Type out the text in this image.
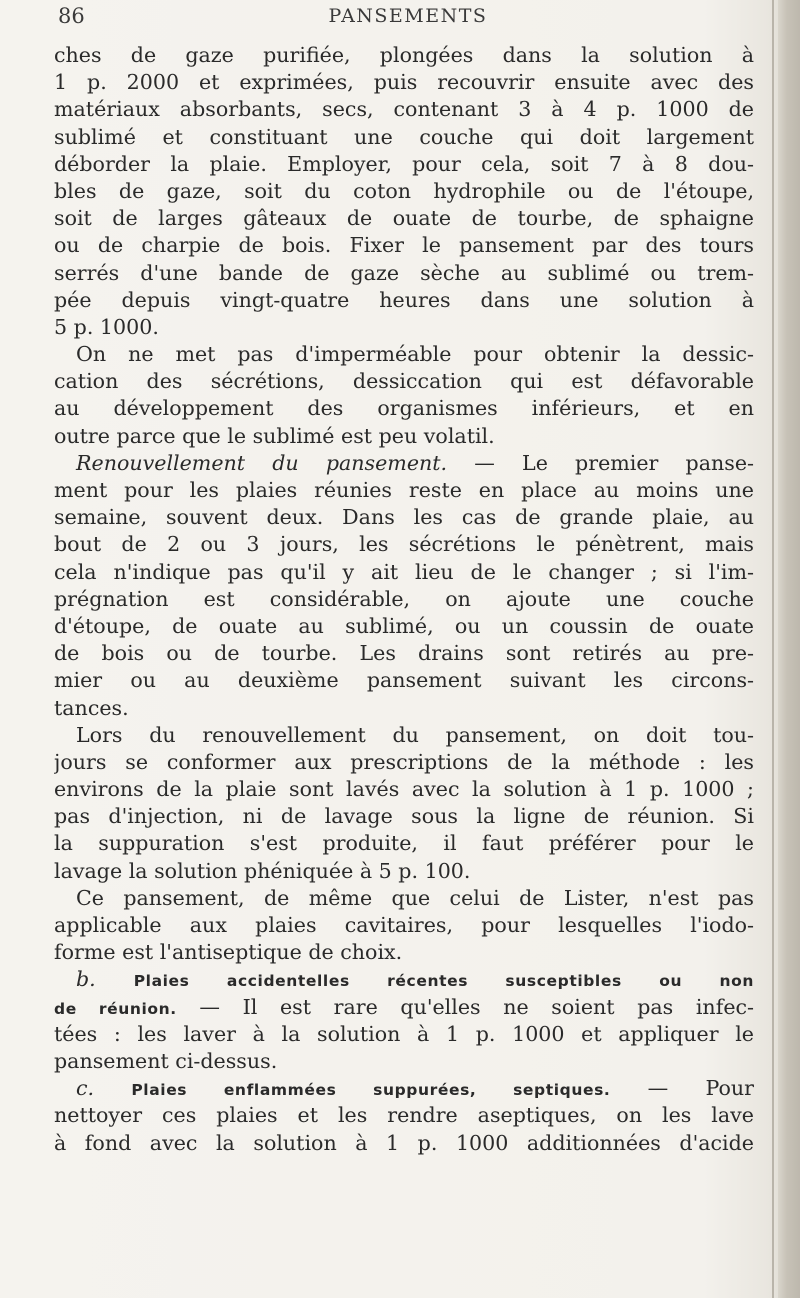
86	PANSEMENTS
ches de gaze purifiée, plongées dans la solution à
1 p. 2000 et exprimées, puis recouvrir ensuite avec des
matériaux absorbants, secs, contenant 3 à 4 p. 1000 de
sublimé et constituant une couche qui doit largement
déborder la plaie. Employer, pour cela, soit 7 à 8 dou-
bles de gaze, soit du coton hydrophile ou de l'étoupe,
soit de larges gâteaux de ouate de tourbe, de sphaigne
ou de charpie de bois. Fixer le pansement par des tours
serrés d'une bande de gaze sèche au sublimé ou trem-
pée depuis vingt-quatre heures dans une solution à
5 p. 1000.
On ne met pas d'imperméable pour obtenir la dessic-
cation des sécrétions, dessiccation qui est défavorable
au développement des organismes inférieurs, et en
outre parce que le sublimé est peu volatil.
Renouvellement du pansement. — Le premier panse-
ment pour les plaies réunies reste en place au moins une
semaine, souvent deux. Dans les cas de grande plaie, au
bout de 2 ou 3 jours, les sécrétions le pénètrent, mais
cela n'indique pas qu'il y ait lieu de le changer ; si l'im-
prégnation est considérable, on ajoute une couche
d'étoupe, de ouate au sublimé, ou un coussin de ouate
de bois ou de tourbe. Les drains sont retirés au pre-
mier ou au deuxième pansement suivant les circons-
tances.
Lors du renouvellement du pansement, on doit tou-
jours se conformer aux prescriptions de la méthode : les
environs de la plaie sont lavés avec la solution à 1 p. 1000 ;
pas d'injection, ni de lavage sous la ligne de réunion. Si
la suppuration s'est produite, il faut préférer pour le
lavage la solution phéniquée à 5 p. 100.
Ce pansement, de même que celui de Lister, n'est pas
applicable aux plaies cavitaires, pour lesquelles l'iodo-
forme est l'antiseptique de choix.
b. Plaies accidentelles récentes susceptibles ou non
de réunion. — Il est rare qu'elles ne soient pas infec-
tées : les laver à la solution à 1 p. 1000 et appliquer le
pansement ci-dessus.
c. Plaies enflammées suppurées, septiques. — Pour
nettoyer ces plaies et les rendre aseptiques, on les lave
à fond avec la solution à 1 p. 1000 additionnées d'acide
